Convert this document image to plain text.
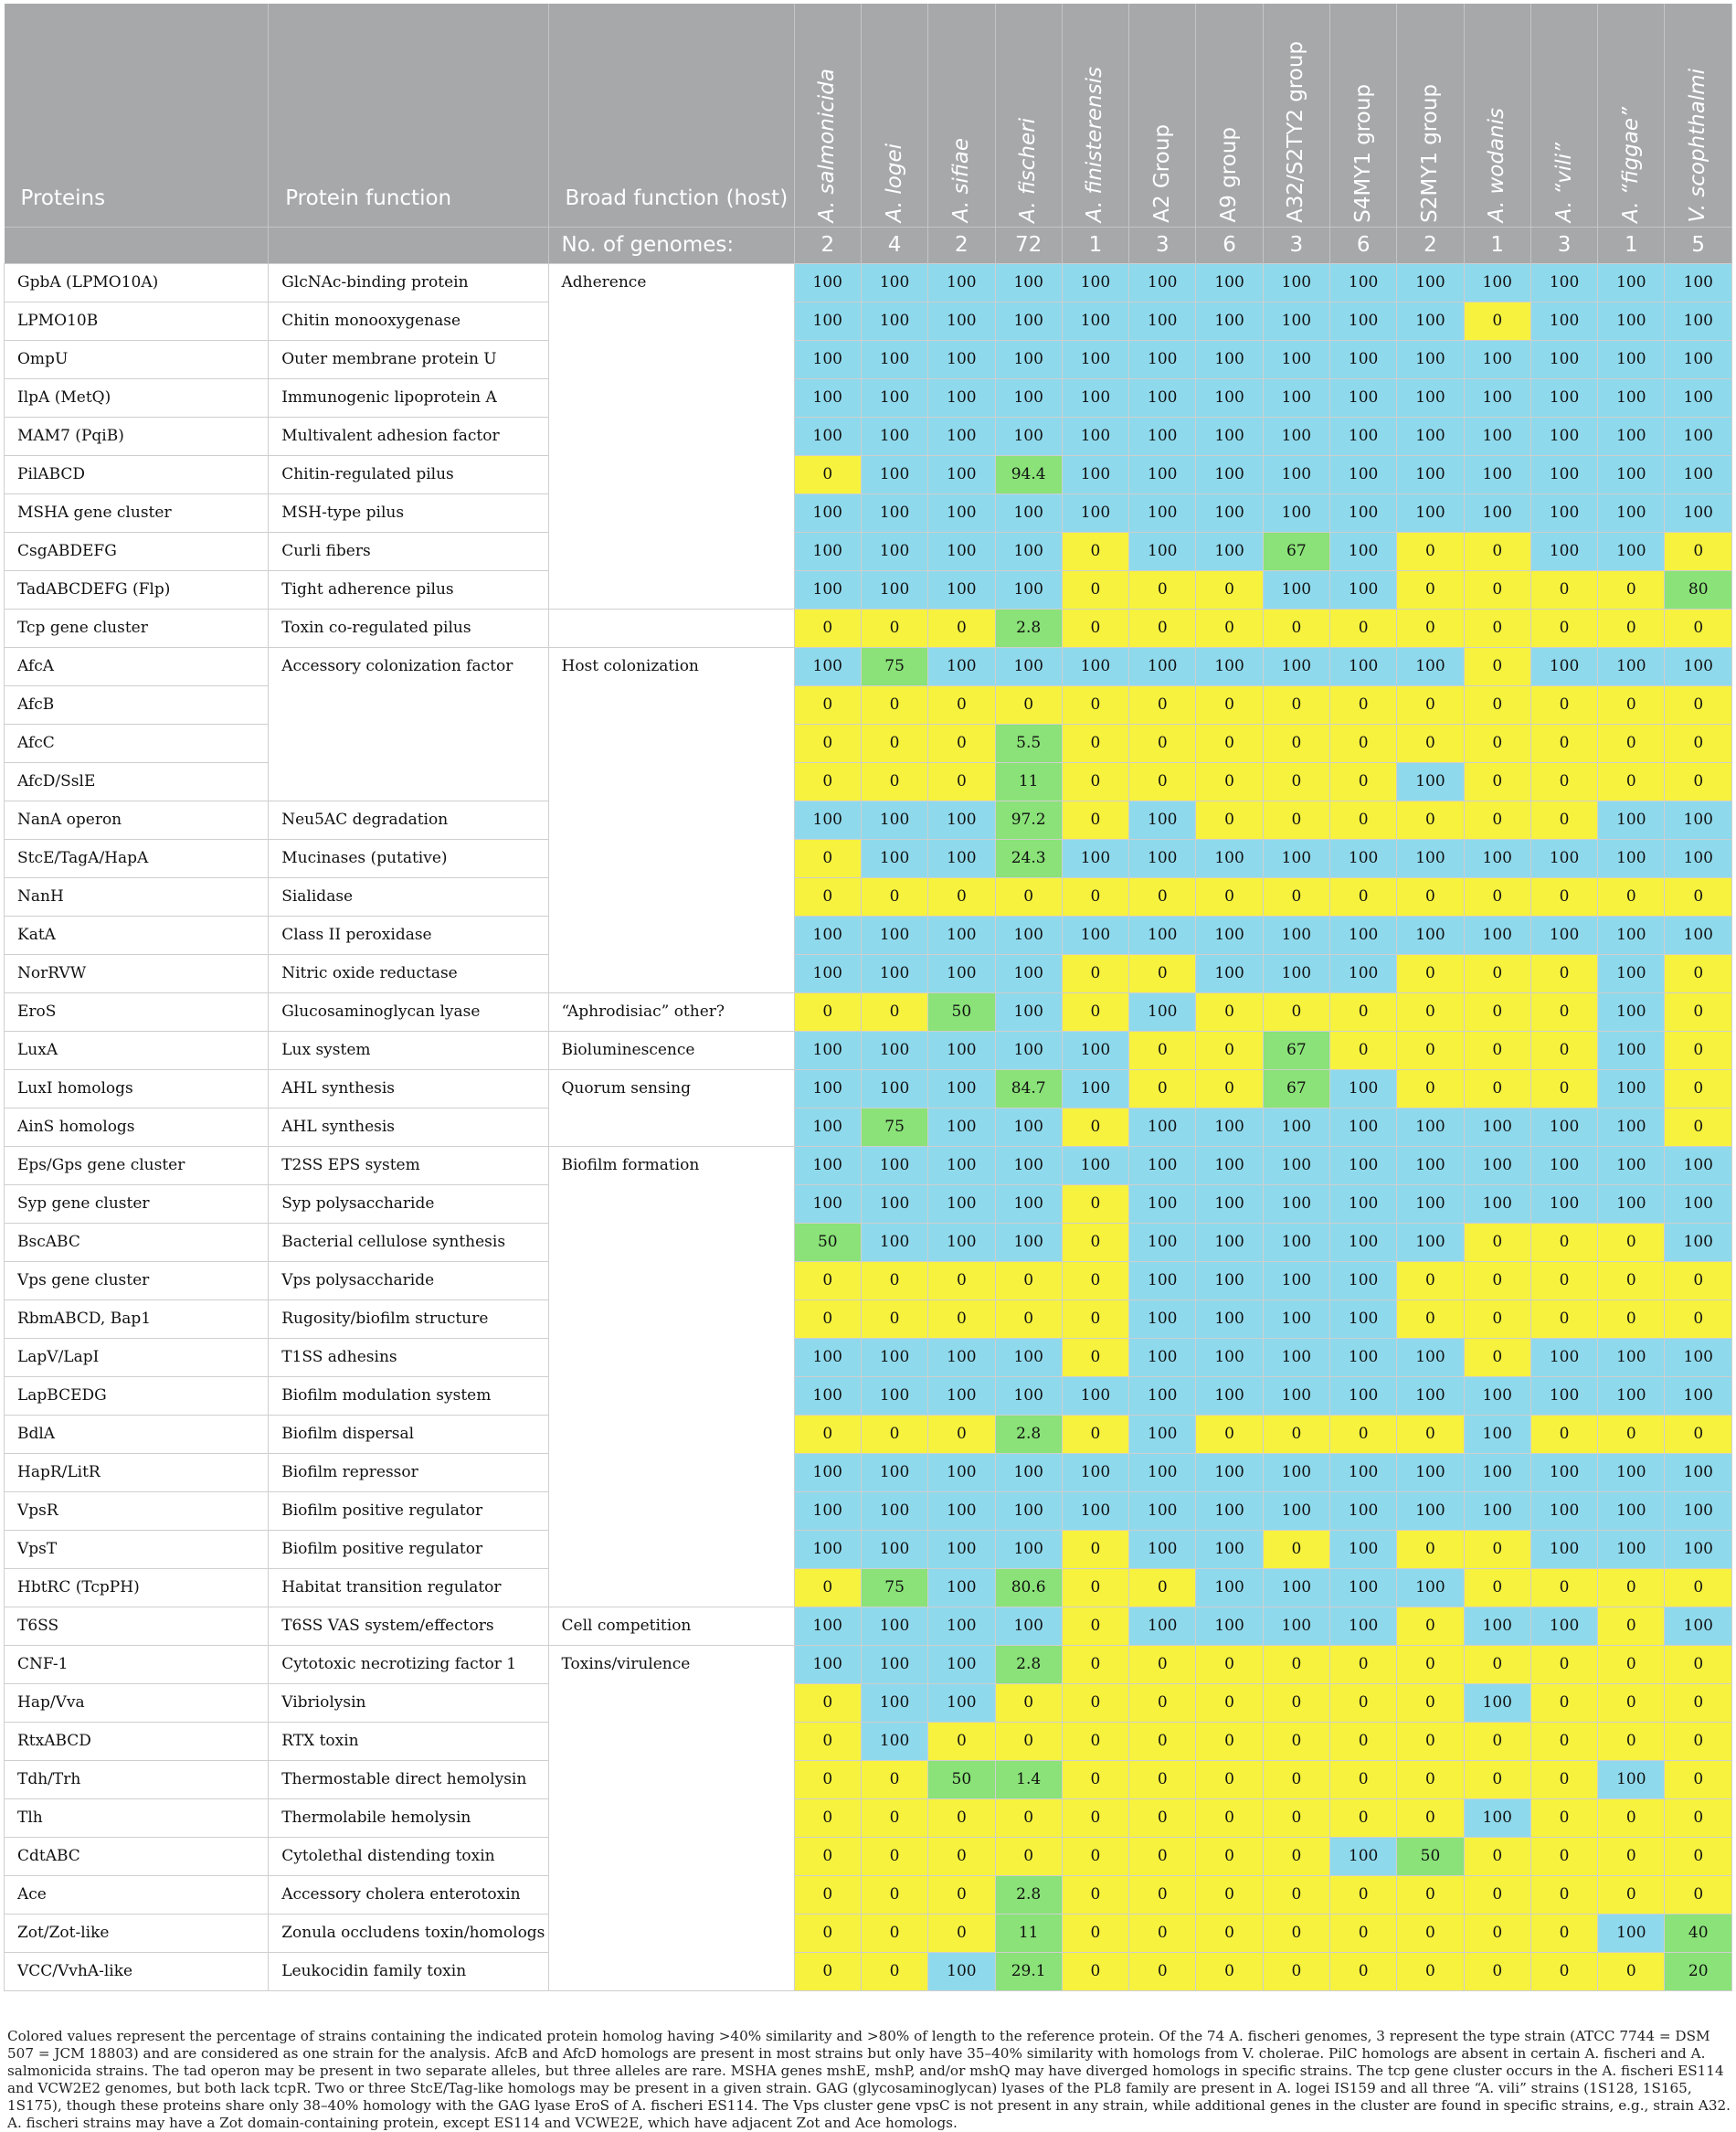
Proteins	Protein function	Broad function (host)	A. salmonicida	A. logei	A. sifiae	A. fischeri	A. finisterensis	A2 Group	A9 group	A32/S2TY2 group	S4MY1 group	S2MY1 group	A. wodanis	A. “vili”	A. “figgae”	V. scophthalmi
		No. of genomes:	2	4	2	72	1	3	6	3	6	2	1	3	1	5
GpbA (LPMO10A)	GlcNAc-binding protein	Adherence	100	100	100	100	100	100	100	100	100	100	100	100	100	100
LPMO10B	Chitin monooxygenase		100	100	100	100	100	100	100	100	100	100	0	100	100	100
OmpU	Outer membrane protein U		100	100	100	100	100	100	100	100	100	100	100	100	100	100
IlpA (MetQ)	Immunogenic lipoprotein A		100	100	100	100	100	100	100	100	100	100	100	100	100	100
MAM7 (PqiB)	Multivalent adhesion factor		100	100	100	100	100	100	100	100	100	100	100	100	100	100
PilABCD	Chitin-regulated pilus		0	100	100	94.4	100	100	100	100	100	100	100	100	100	100
MSHA gene cluster	MSH-type pilus		100	100	100	100	100	100	100	100	100	100	100	100	100	100
CsgABDEFG	Curli fibers		100	100	100	100	0	100	100	67	100	0	0	100	100	0
TadABCDEFG (Flp)	Tight adherence pilus		100	100	100	100	0	0	0	100	100	0	0	0	0	80
Tcp gene cluster	Toxin co-regulated pilus		0	0	0	2.8	0	0	0	0	0	0	0	0	0	0
AfcA	Accessory colonization factor	Host colonization	100	75	100	100	100	100	100	100	100	100	0	100	100	100
AfcB			0	0	0	0	0	0	0	0	0	0	0	0	0	0
AfcC			0	0	0	5.5	0	0	0	0	0	0	0	0	0	0
AfcD/SslE			0	0	0	11	0	0	0	0	0	100	0	0	0	0
NanA operon	Neu5AC degradation		100	100	100	97.2	0	100	0	0	0	0	0	0	100	100
StcE/TagA/HapA	Mucinases (putative)		0	100	100	24.3	100	100	100	100	100	100	100	100	100	100
NanH	Sialidase		0	0	0	0	0	0	0	0	0	0	0	0	0	0
KatA	Class II peroxidase		100	100	100	100	100	100	100	100	100	100	100	100	100	100
NorRVW	Nitric oxide reductase		100	100	100	100	0	0	100	100	100	0	0	0	100	0
EroS	Glucosaminoglycan lyase	“Aphrodisiac” other?	0	0	50	100	0	100	0	0	0	0	0	0	100	0
LuxA	Lux system	Bioluminescence	100	100	100	100	100	0	0	67	0	0	0	0	100	0
LuxI homologs	AHL synthesis	Quorum sensing	100	100	100	84.7	100	0	0	67	100	0	0	0	100	0
AinS homologs	AHL synthesis		100	75	100	100	0	100	100	100	100	100	100	100	100	0
Eps/Gps gene cluster	T2SS EPS system	Biofilm formation	100	100	100	100	100	100	100	100	100	100	100	100	100	100
Syp gene cluster	Syp polysaccharide		100	100	100	100	0	100	100	100	100	100	100	100	100	100
BscABC	Bacterial cellulose synthesis		50	100	100	100	0	100	100	100	100	100	0	0	0	100
Vps gene cluster	Vps polysaccharide		0	0	0	0	0	100	100	100	100	0	0	0	0	0
RbmABCD, Bap1	Rugosity/biofilm structure		0	0	0	0	0	100	100	100	100	0	0	0	0	0
LapV/LapI	T1SS adhesins		100	100	100	100	0	100	100	100	100	100	0	100	100	100
LapBCEDG	Biofilm modulation system		100	100	100	100	100	100	100	100	100	100	100	100	100	100
BdlA	Biofilm dispersal		0	0	0	2.8	0	100	0	0	0	0	100	0	0	0
HapR/LitR	Biofilm repressor		100	100	100	100	100	100	100	100	100	100	100	100	100	100
VpsR	Biofilm positive regulator		100	100	100	100	100	100	100	100	100	100	100	100	100	100
VpsT	Biofilm positive regulator		100	100	100	100	0	100	100	0	100	0	0	100	100	100
HbtRC (TcpPH)	Habitat transition regulator		0	75	100	80.6	0	0	100	100	100	100	0	0	0	0
T6SS	T6SS VAS system/effectors	Cell competition	100	100	100	100	0	100	100	100	100	0	100	100	0	100
CNF-1	Cytotoxic necrotizing factor 1	Toxins/virulence	100	100	100	2.8	0	0	0	0	0	0	0	0	0	0
Hap/Vva	Vibriolysin		0	100	100	0	0	0	0	0	0	0	100	0	0	0
RtxABCD	RTX toxin		0	100	0	0	0	0	0	0	0	0	0	0	0	0
Tdh/Trh	Thermostable direct hemolysin		0	0	50	1.4	0	0	0	0	0	0	0	0	100	0
Tlh	Thermolabile hemolysin		0	0	0	0	0	0	0	0	0	0	100	0	0	0
CdtABC	Cytolethal distending toxin		0	0	0	0	0	0	0	0	100	50	0	0	0	0
Ace	Accessory cholera enterotoxin		0	0	0	2.8	0	0	0	0	0	0	0	0	0	0
Zot/Zot-like	Zonula occludens toxin/homologs		0	0	0	11	0	0	0	0	0	0	0	0	100	40
VCC/VvhA-like	Leukocidin family toxin		0	0	100	29.1	0	0	0	0	0	0	0	0	0	20
Colored values represent the percentage of strains containing the indicated protein homolog having >40% similarity and >80% of length to the reference protein. Of the 74 A. fischeri genomes, 3 represent the type strain (ATCC 7744 = DSM 507 = JCM 18803) and are considered as one strain for the analysis. AfcB and AfcD homologs are present in most strains but only have 35–40% similarity with homologs from V. cholerae. PilC homologs are absent in certain A. fischeri and A. salmonicida strains. The tad operon may be present in two separate alleles, but three alleles are rare. MSHA genes mshE, mshP, and/or mshQ may have diverged homologs in specific strains. The tcp gene cluster occurs in the A. fischeri ES114 and VCW2E2 genomes, but both lack tcpR. Two or three StcE/Tag-like homologs may be present in a given strain. GAG (glycosaminoglycan) lyases of the PL8 family are present in A. logei IS159 and all three “A. vili” strains (1S128, 1S165, 1S175), though these proteins share only 38–40% homology with the GAG lyase EroS of A. fischeri ES114. The Vps cluster gene vpsC is not present in any strain, while additional genes in the cluster are found in specific strains, e.g., strain A32. A. fischeri strains may have a Zot domain-containing protein, except ES114 and VCWE2E, which have adjacent Zot and Ace homologs.
